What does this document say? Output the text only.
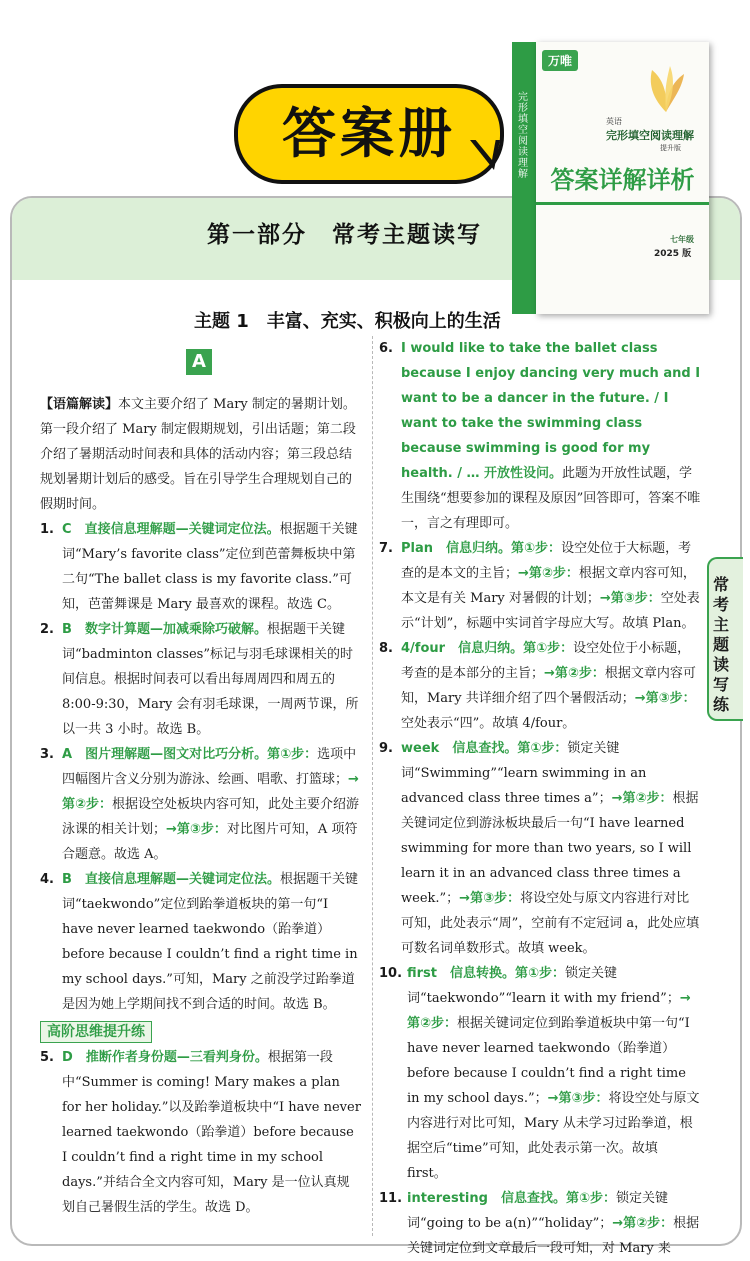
答案册
第一部分　常考主题读写
完形填空阅读理解
万唯
英语
完形填空阅读理解
提升版
答案详解详析
七年级
2025 版
主题 1　丰富、充实、积极向上的生活
A

【语篇解读】本文主要介绍了 Mary 制定的暑期计划。第一段介绍了 Mary 制定假期规划，引出话题；第二段介绍了暑期活动时间表和具体的活动内容；第三段总结规划暑期计划后的感受。旨在引导学生合理规划自己的假期时间。

1. C　 直接信息理解题—关键词定位法。根据题干关键词“Mary’s favorite class”定位到芭蕾舞板块中第二句“The ballet class is my favorite class.”可知，芭蕾舞课是 Mary 最喜欢的课程。故选 C。

2. B　 数字计算题—加减乘除巧破解。根据题干关键词“badminton classes”标记与羽毛球课相关的时间信息。根据时间表可以看出每周周四和周五的 8:00-9:30，Mary 会有羽毛球课，一周两节课，所以一共 3 小时。故选 B。

3. A　 图片理解题—图文对比巧分析。第①步：选项中四幅图片含义分别为游泳、绘画、唱歌、打篮球；→第②步：根据设空处板块内容可知，此处主要介绍游泳课的相关计划；→第③步：对比图片可知，A 项符合题意。故选 A。

4. B　 直接信息理解题—关键词定位法。根据题干关键词“taekwondo”定位到跆拳道板块的第一句“I have never learned taekwondo（跆拳道）before because I couldn’t find a right time in my school days.”可知，Mary 之前没学过跆拳道是因为她上学期间找不到合适的时间。故选 B。

高阶思维提升练

5. D　 推断作者身份题—三看判身份。根据第一段中“Summer is coming! Mary makes a plan for her holiday.”以及跆拳道板块中“I have never learned taekwondo（跆拳道）before because I couldn’t find a right time in my school days.”并结合全文内容可知，Mary 是一位认真规划自己暑假生活的学生。故选 D。

6. I would like to take the ballet class because I enjoy dancing very much and I want to be a dancer in the future. / I want to take the swimming class because swimming is good for my health. / … 开放性设问。此题为开放性试题，学生围绕“想要参加的课程及原因”回答即可，答案不唯一，言之有理即可。

7. Plan　 信息归纳。第①步：设空处位于大标题，考查的是本文的主旨；→第②步：根据文章内容可知，本文是有关 Mary 对暑假的计划；→第③步：空处表示“计划”，标题中实词首字母应大写。故填 Plan。

8. 4/four　 信息归纳。第①步：设空处位于小标题，考查的是本部分的主旨；→第②步：根据文章内容可知，Mary 共详细介绍了四个暑假活动；→第③步：空处表示“四”。故填 4/four。

9. week　 信息查找。第①步：锁定关键词“Swimming”“learn swimming in an advanced class three times a”；→第②步：根据关键词定位到游泳板块最后一句“I have learned swimming for more than two years, so I will learn it in an advanced class three times a week.”；→第③步：将设空处与原文内容进行对比可知，此处表示“周”，空前有不定冠词 a，此处应填可数名词单数形式。故填 week。

10. first　 信息转换。第①步：锁定关键词“taekwondo”“learn it with my friend”；→第②步：根据关键词定位到跆拳道板块中第一句“I have never learned taekwondo（跆拳道）before because I couldn’t find a right time in my school days.”；→第③步：将设空处与原文内容进行对比可知，Mary 从未学习过跆拳道，根据空后“time”可知，此处表示第一次。故填 first。

11. interesting　 信息查找。第①步：锁定关键词“going to be a(n)”“holiday”；→第②步：根据关键词定位到文章最后一段可知，对 Mary 来

常考主题读写练
